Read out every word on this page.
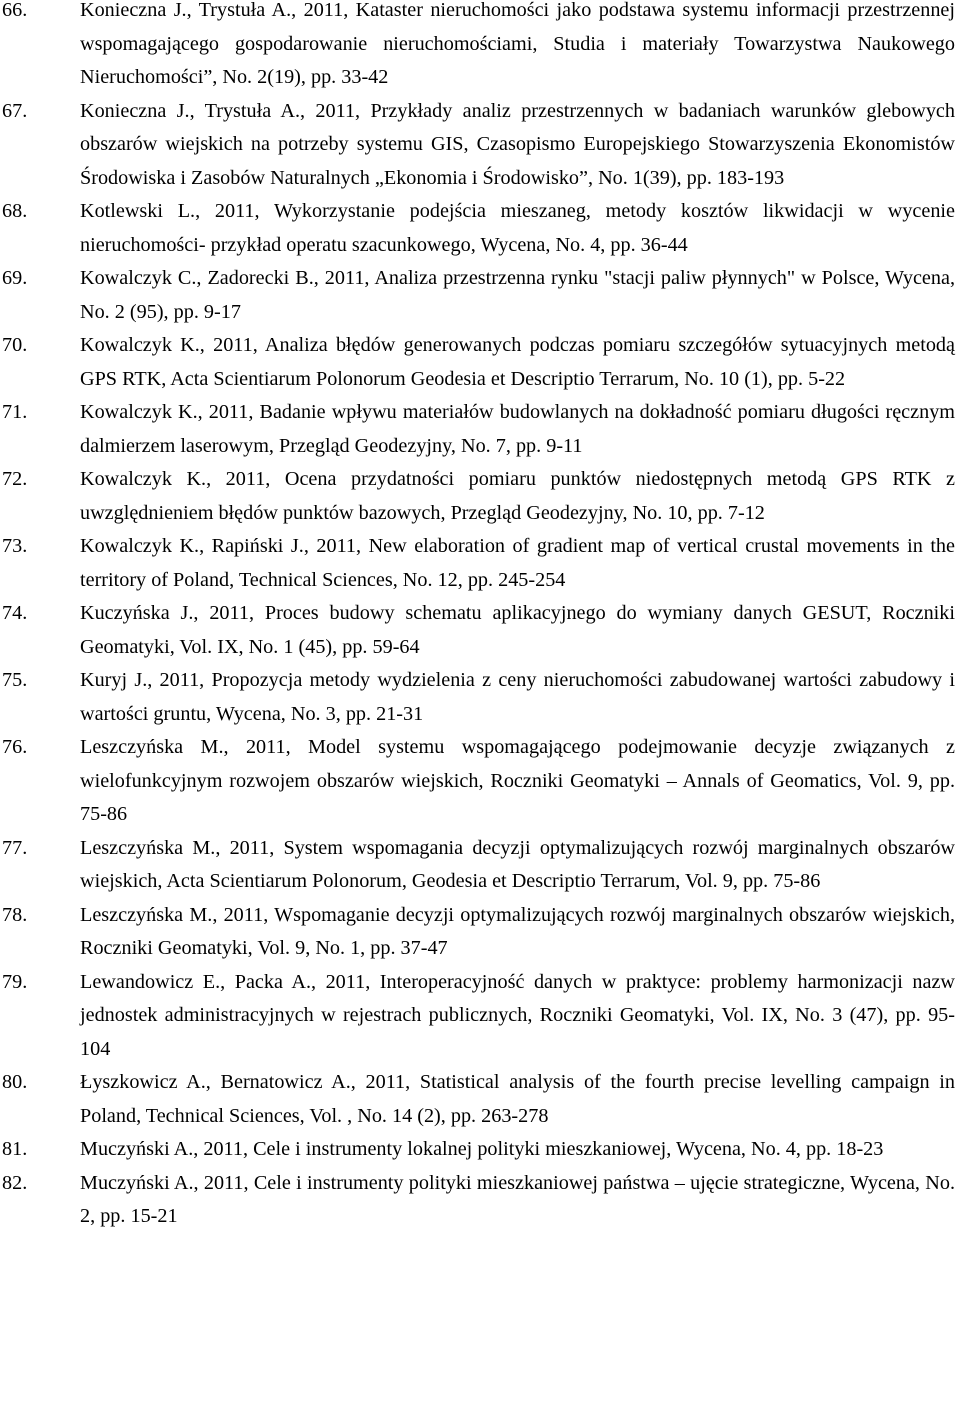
66.	Konieczna J., Trystuła A., 2011, Kataster nieruchomości jako podstawa systemu informacji przestrzennej wspomagającego gospodarowanie nieruchomościami, Studia i materiały Towarzystwa Naukowego Nieruchomości”, No. 2(19), pp. 33-42
67.	Konieczna J., Trystuła A., 2011, Przykłady analiz przestrzennych w badaniach warunków glebowych obszarów wiejskich na potrzeby systemu GIS, Czasopismo Europejskiego Stowarzyszenia Ekonomistów Środowiska i Zasobów Naturalnych „Ekonomia i Środowisko”, No. 1(39), pp. 183-193
68.	Kotlewski L., 2011, Wykorzystanie podejścia mieszaneg, metody kosztów likwidacji w wycenie nieruchomości- przykład operatu szacunkowego, Wycena, No. 4, pp. 36-44
69.	Kowalczyk C., Zadorecki B., 2011, Analiza przestrzenna rynku "stacji paliw płynnych" w Polsce, Wycena, No. 2 (95), pp. 9-17
70.	Kowalczyk K., 2011, Analiza błędów generowanych podczas pomiaru szczegółów sytuacyjnych metodą GPS RTK, Acta Scientiarum Polonorum Geodesia et Descriptio Terrarum, No. 10 (1), pp. 5-22
71.	Kowalczyk K., 2011, Badanie wpływu materiałów budowlanych na dokładność pomiaru długości ręcznym dalmierzem laserowym, Przegląd Geodezyjny, No. 7, pp. 9-11
72.	Kowalczyk K., 2011, Ocena przydatności pomiaru punktów niedostępnych metodą GPS RTK z uwzględnieniem błędów punktów bazowych, Przegląd Geodezyjny, No. 10, pp. 7-12
73.	Kowalczyk K., Rapiński J., 2011, New elaboration of gradient map of vertical crustal movements in the territory of Poland, Technical Sciences, No. 12, pp. 245-254
74.	Kuczyńska J., 2011, Proces budowy schematu aplikacyjnego do wymiany danych GESUT, Roczniki Geomatyki, Vol. IX, No. 1 (45), pp. 59-64
75.	Kuryj J., 2011, Propozycja metody wydzielenia z ceny nieruchomości zabudowanej wartości zabudowy i wartości gruntu, Wycena, No. 3, pp. 21-31
76.	Leszczyńska M., 2011, Model systemu wspomagającego podejmowanie decyzje związanych z wielofunkcyjnym rozwojem obszarów wiejskich, Roczniki Geomatyki – Annals of Geomatics, Vol. 9, pp. 75-86
77.	Leszczyńska M., 2011, System wspomagania decyzji optymalizujących rozwój marginalnych obszarów wiejskich, Acta Scientiarum Polonorum, Geodesia et Descriptio Terrarum, Vol. 9, pp. 75-86
78.	Leszczyńska M., 2011, Wspomaganie decyzji optymalizujących rozwój marginalnych obszarów wiejskich, Roczniki Geomatyki, Vol. 9, No. 1, pp. 37-47
79.	Lewandowicz E., Packa A., 2011, Interoperacyjność danych w praktyce: problemy harmonizacji nazw jednostek administracyjnych w rejestrach publicznych, Roczniki Geomatyki, Vol. IX, No. 3 (47), pp. 95-104
80.	Łyszkowicz A., Bernatowicz A., 2011, Statistical analysis of the fourth precise levelling campaign in Poland, Technical Sciences, Vol. , No. 14 (2), pp. 263-278
81.	Muczyński A., 2011, Cele i instrumenty lokalnej polityki mieszkaniowej, Wycena, No. 4, pp. 18-23
82.	Muczyński A., 2011, Cele i instrumenty polityki mieszkaniowej państwa – ujęcie strategiczne, Wycena, No. 2, pp. 15-21
